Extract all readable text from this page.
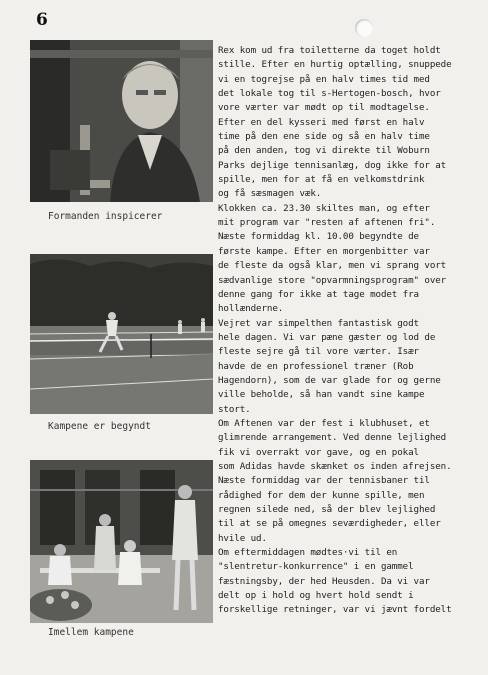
6
Formanden inspicerer
Kampene er begyndt
Imellem kampene
Rex kom ud fra toiletterne da toget holdt
stille. Efter en hurtig optælling, snuppede
vi en togrejse på en halv times tid med
det lokale tog til s-Hertogen-bosch, hvor
vore værter var mødt op til modtagelse.
Efter en del kysseri med først en halv
time på den ene side og så en halv time
på den anden, tog vi direkte til Woburn
Parks dejlige tennisanlæg, dog ikke for at
spille, men for at få en velkomstdrink
og få sæsmagen væk.
Klokken ca. 23.30 skiltes man, og efter
mit program var "resten af aftenen fri".
Næste formiddag kl. 10.00 begyndte de
første kampe. Efter en morgenbitter var
de fleste da også klar, men vi sprang vort
sædvanlige store "opvarmningsprogram" over
denne gang for ikke at tage modet fra
hollænderne.
Vejret var simpelthen fantastisk godt
hele dagen. Vi var pæne gæster og lod de
fleste sejre gå til vore værter. Især
havde de en professionel træner (Rob
Hagendorn), som de var glade for og gerne
ville beholde, så han vandt sine kampe
stort.
Om Aftenen var der fest i klubhuset, et
glimrende arrangement. Ved denne lejlighed
fik vi overrakt vor gave, og en pokal
som Adidas havde skænket os inden afrejsen.
Næste formiddag var der tennisbaner til
rådighed for dem der kunne spille, men
regnen silede ned, så der blev lejlighed
til at se på omegnes seværdigheder, eller
hvile ud.
Om eftermiddagen mødtes·vi til en
"slentretur-konkurrence" i en gammel
fæstningsby, der hed Heusden. Da vi var
delt op i hold og hvert hold sendt i
forskellige retninger, var vi jævnt fordelt
